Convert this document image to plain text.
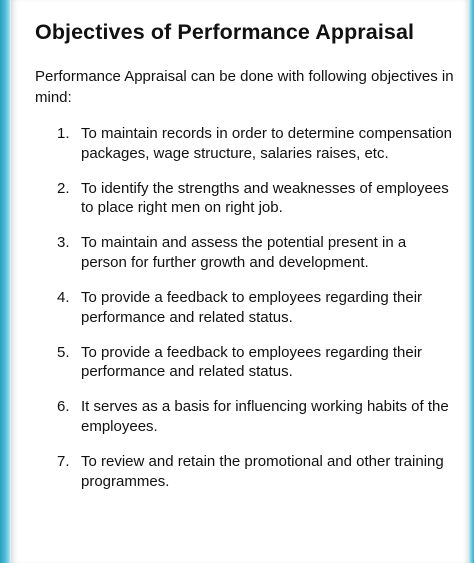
Objectives of Performance Appraisal

Performance Appraisal can be done with following objectives in mind:

1. To maintain records in order to determine compensation packages, wage structure, salaries raises, etc.
2. To identify the strengths and weaknesses of employees to place right men on right job.
3. To maintain and assess the potential present in a person for further growth and development.
4. To provide a feedback to employees regarding their performance and related status.
5. To provide a feedback to employees regarding their performance and related status.
6. It serves as a basis for influencing working habits of the employees.
7. To review and retain the promotional and other training programmes.
